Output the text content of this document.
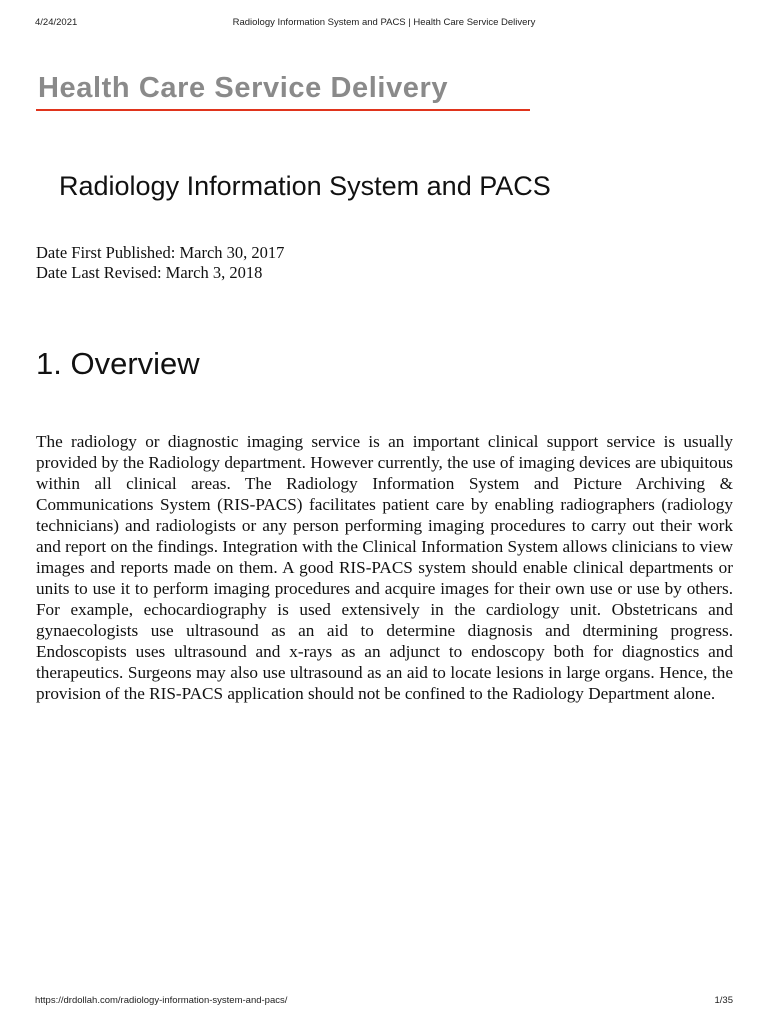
4/24/2021	Radiology Information System and PACS | Health Care Service Delivery
Health Care Service Delivery
Radiology Information System and PACS
Date First Published: March 30, 2017
Date Last Revised: March 3, 2018
1. Overview

The radiology or diagnostic imaging service is an important clinical support service is usually provided by the Radiology department. However currently, the use of imaging devices are ubiquitous within all clinical areas. The Radiology Information System and Picture Archiving & Communications System (RIS-PACS) facilitates patient care by enabling radiographers (radiology technicians) and radiologists or any person performing imaging procedures to carry out their work and report on the findings. Integration with the Clinical Information System allows clinicians to view images and reports made on them. A good RIS-PACS system should enable clinical departments or units to use it to perform imaging procedures and acquire images for their own use or use by others. For example, echocardiography is used extensively in the cardiology unit. Obstetricans and gynaecologists use ultrasound as an aid to determine diagnosis and dtermining progress. Endoscopists uses ultrasound and x-rays as an adjunct to endoscopy both for diagnostics and therapeutics. Surgeons may also use ultrasound as an aid to locate lesions in large organs. Hence, the provision of the RIS-PACS application should not be confined to the Radiology Department alone.

https://drdollah.com/radiology-information-system-and-pacs/	1/35
